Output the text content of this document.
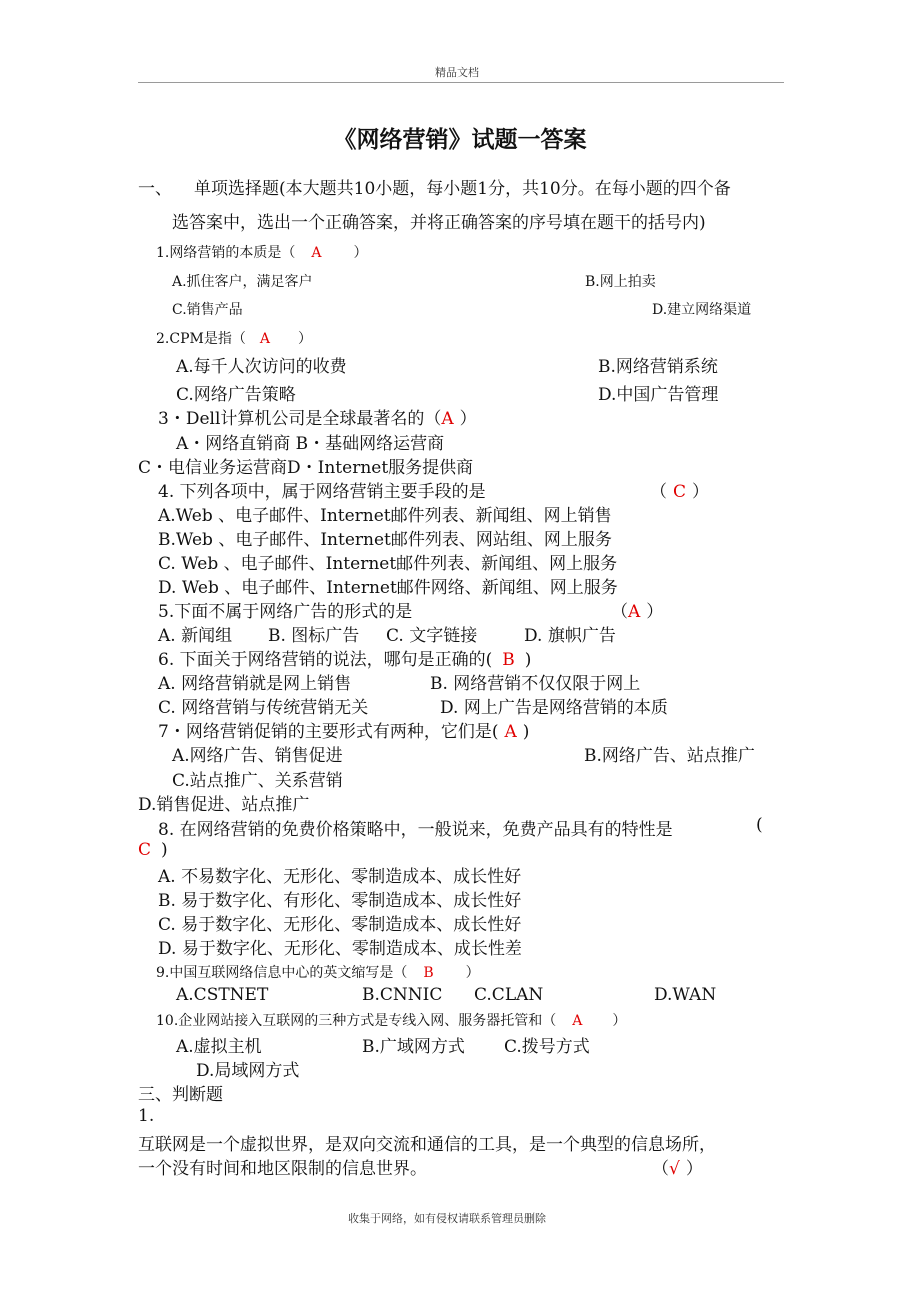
精品文档
《网络营销》试题一答案
一、 单项选择题(本大题共10小题，每小题1分，共10分。在每小题的四个备
选答案中，选出一个正确答案，并将正确答案的序号填在题干的括号内)
1.网络营销的本质是（ A ）
A.抓住客户，满足客户	B.网上拍卖
C.销售产品	D.建立网络渠道
2.CPM是指（ A ）
A.每千人次访问的收费	B.网络营销系统
C.网络广告策略	D.中国广告管理
3・Dell计算机公司是全球最著名的（A ）
A・网络直销商 B・基础网络运营商
C・电信业务运营商D・Internet服务提供商
4. 下列各项中，属于网络营销主要手段的是	（ C ）
A.Web 、电子邮件、Internet邮件列表、新闻组、网上销售
B.Web 、电子邮件、Internet邮件列表、网站组、网上服务
C. Web 、电子邮件、Internet邮件列表、新闻组、网上服务
D. Web 、电子邮件、Internet邮件网络、新闻组、网上服务
5.下面不属于网络广告的形式的是	（A ）
A. 新闻组 B. 图标广告 C. 文字链接	D. 旗帜广告
6. 下面关于网络营销的说法，哪句是正确的( B )
A. 网络营销就是网上销售	B. 网络营销不仅仅限于网上
C. 网络营销与传统营销无关	D. 网上广告是网络营销的本质
7・网络营销促销的主要形式有两种，它们是( A )
A.网络广告、销售促进	B.网络广告、站点推广
C.站点推广、关系营销
D.销售促进、站点推广
8. 在网络营销的免费价格策略中，一般说来，免费产品具有的特性是	(
C )
A. 不易数字化、无形化、零制造成本、成长性好
B. 易于数字化、有形化、零制造成本、成长性好
C. 易于数字化、无形化、零制造成本、成长性好
D. 易于数字化、无形化、零制造成本、成长性差
9.中国互联网络信息中心的英文缩写是（ B ）
A.CSTNET	B.CNNIC C.CLAN	D.WAN
10.企业网站接入互联网的三种方式是专线入网、服务器托管和（ A ）
A.虚拟主机	B.广域网方式 C.拨号方式
D.局域网方式
三、判断题
1.
互联网是一个虚拟世界，是双向交流和通信的工具，是一个典型的信息场所，
一个没有时间和地区限制的信息世界。	（√ ）
收集于网络，如有侵权请联系管理员删除
